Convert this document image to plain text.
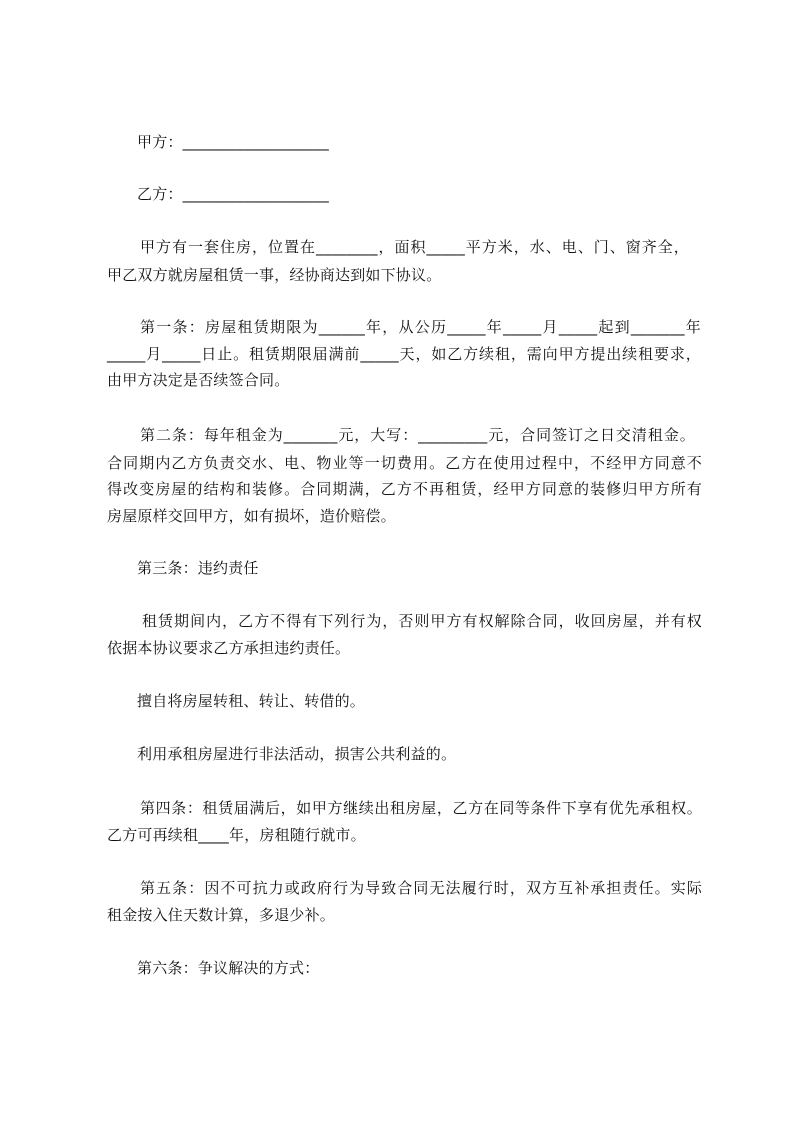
甲方：___________________
乙方：___________________
甲方有一套住房，位置在________，面积_____平方米，水、电、门、窗齐全，
甲乙双方就房屋租赁一事，经协商达到如下协议。
第一条：房屋租赁期限为______年，从公历_____年_____月_____起到_______年
_____月_____日止。租赁期限届满前_____天，如乙方续租，需向甲方提出续租要求，
由甲方决定是否续签合同。
第二条：每年租金为_______元，大写：_________元，合同签订之日交清租金。
合同期内乙方负责交水、电、物业等一切费用。乙方在使用过程中，不经甲方同意不
得改变房屋的结构和装修。合同期满，乙方不再租赁，经甲方同意的装修归甲方所有
房屋原样交回甲方，如有损坏，造价赔偿。
第三条：违约责任
租赁期间内，乙方不得有下列行为，否则甲方有权解除合同，收回房屋，并有权
依据本协议要求乙方承担违约责任。
擅自将房屋转租、转让、转借的。
利用承租房屋进行非法活动，损害公共利益的。
第四条：租赁届满后，如甲方继续出租房屋，乙方在同等条件下享有优先承租权。
乙方可再续租____年，房租随行就市。
第五条：因不可抗力或政府行为导致合同无法履行时，双方互补承担责任。实际
租金按入住天数计算，多退少补。
第六条：争议解决的方式：
